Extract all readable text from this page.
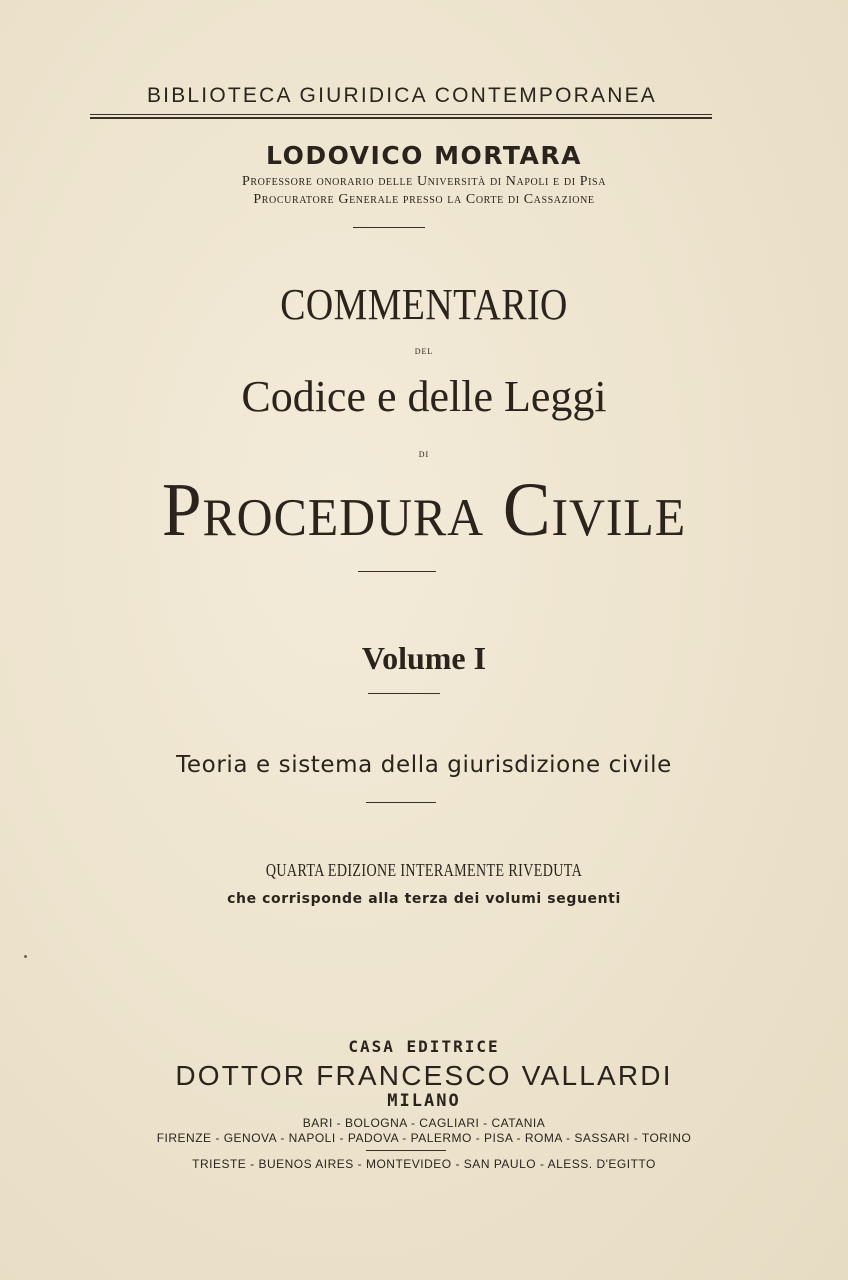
BIBLIOTECA GIURIDICA CONTEMPORANEA
LODOVICO MORTARA
Professore onorario delle Università di Napoli e di Pisa
Procuratore Generale presso la Corte di Cassazione
COMMENTARIO
del
Codice e delle Leggi
di
Procedura Civile
Volume I
Teoria e sistema della giurisdizione civile
QUARTA EDIZIONE INTERAMENTE RIVEDUTA
che corrisponde alla terza dei volumi seguenti
CASA EDITRICE
DOTTOR FRANCESCO VALLARDI
MILANO
BARI - BOLOGNA - CAGLIARI - CATANIA
FIRENZE - GENOVA - NAPOLI - PADOVA - PALERMO - PISA - ROMA - SASSARI - TORINO
TRIESTE - BUENOS AIRES - MONTEVIDEO - SAN PAULO - ALESS. D'EGITTO
